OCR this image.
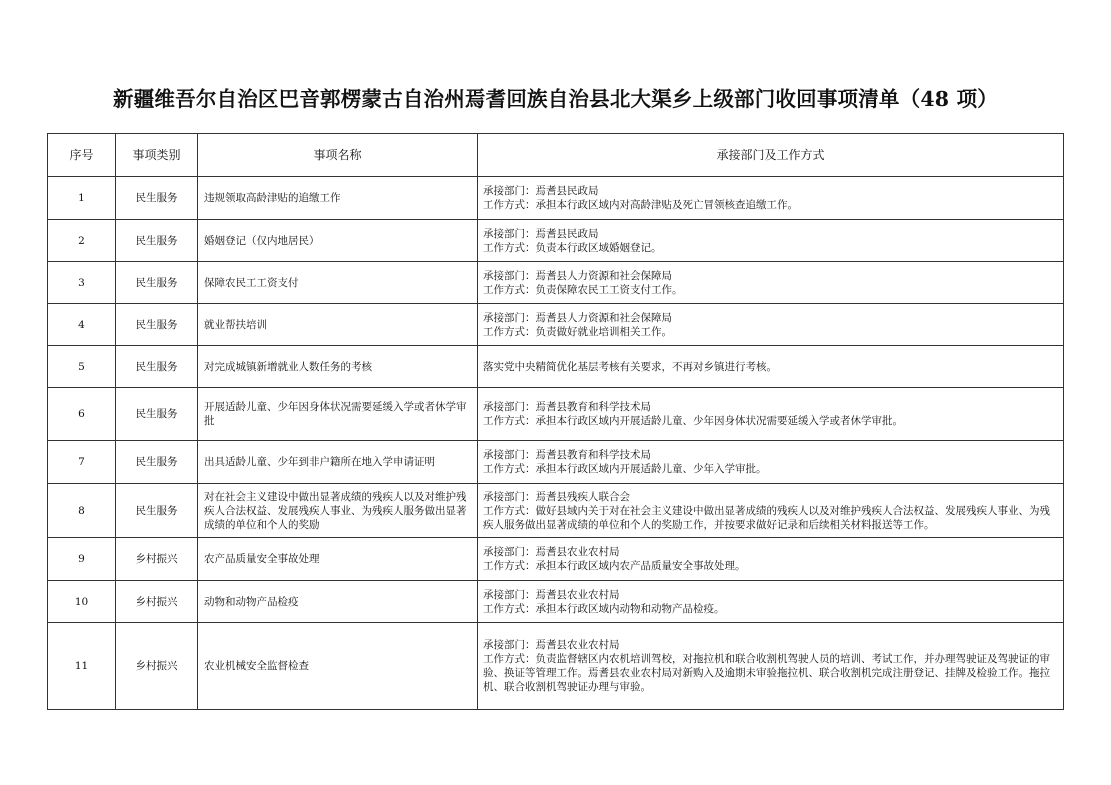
新疆维吾尔自治区巴音郭楞蒙古自治州焉耆回族自治县北大渠乡上级部门收回事项清单（48 项）
序号	事项类别	事项名称	承接部门及工作方式
1	民生服务	违规领取高龄津贴的追缴工作	承接部门：焉耆县民政局
工作方式：承担本行政区域内对高龄津贴及死亡冒领核查追缴工作。

2	民生服务	婚姻登记（仅内地居民）	承接部门：焉耆县民政局
工作方式：负责本行政区域婚姻登记。

3	民生服务	保障农民工工资支付	承接部门：焉耆县人力资源和社会保障局
工作方式：负责保障农民工工资支付工作。

4	民生服务	就业帮扶培训	承接部门：焉耆县人力资源和社会保障局
工作方式：负责做好就业培训相关工作。

5	民生服务	对完成城镇新增就业人数任务的考核	落实党中央精简优化基层考核有关要求，不再对乡镇进行考核。

6	民生服务	开展适龄儿童、少年因身体状况需要延缓入学或者休学审批	承接部门：焉耆县教育和科学技术局
工作方式：承担本行政区域内开展适龄儿童、少年因身体状况需要延缓入学或者休学审批。

7	民生服务	出具适龄儿童、少年到非户籍所在地入学申请证明	承接部门：焉耆县教育和科学技术局
工作方式：承担本行政区域内开展适龄儿童、少年入学审批。

8	民生服务	对在社会主义建设中做出显著成绩的残疾人以及对维护残疾人合法权益、发展残疾人事业、为残疾人服务做出显著成绩的单位和个人的奖励	承接部门：焉耆县残疾人联合会
工作方式：做好县域内关于对在社会主义建设中做出显著成绩的残疾人以及对维护残疾人合法权益、发展残疾人事业、为残疾人服务做出显著成绩的单位和个人的奖励工作，并按要求做好记录和后续相关材料报送等工作。

9	乡村振兴	农产品质量安全事故处理	承接部门：焉耆县农业农村局
工作方式：承担本行政区域内农产品质量安全事故处理。

10	乡村振兴	动物和动物产品检疫	承接部门：焉耆县农业农村局
工作方式：承担本行政区域内动物和动物产品检疫。

11	乡村振兴	农业机械安全监督检查	承接部门：焉耆县农业农村局
工作方式：负责监督辖区内农机培训驾校，对拖拉机和联合收割机驾驶人员的培训、考试工作，并办理驾驶证及驾驶证的审验、换证等管理工作。焉耆县农业农村局对新购入及逾期未审验拖拉机、联合收割机完成注册登记、挂牌及检验工作。拖拉机、联合收割机驾驶证办理与审验。
